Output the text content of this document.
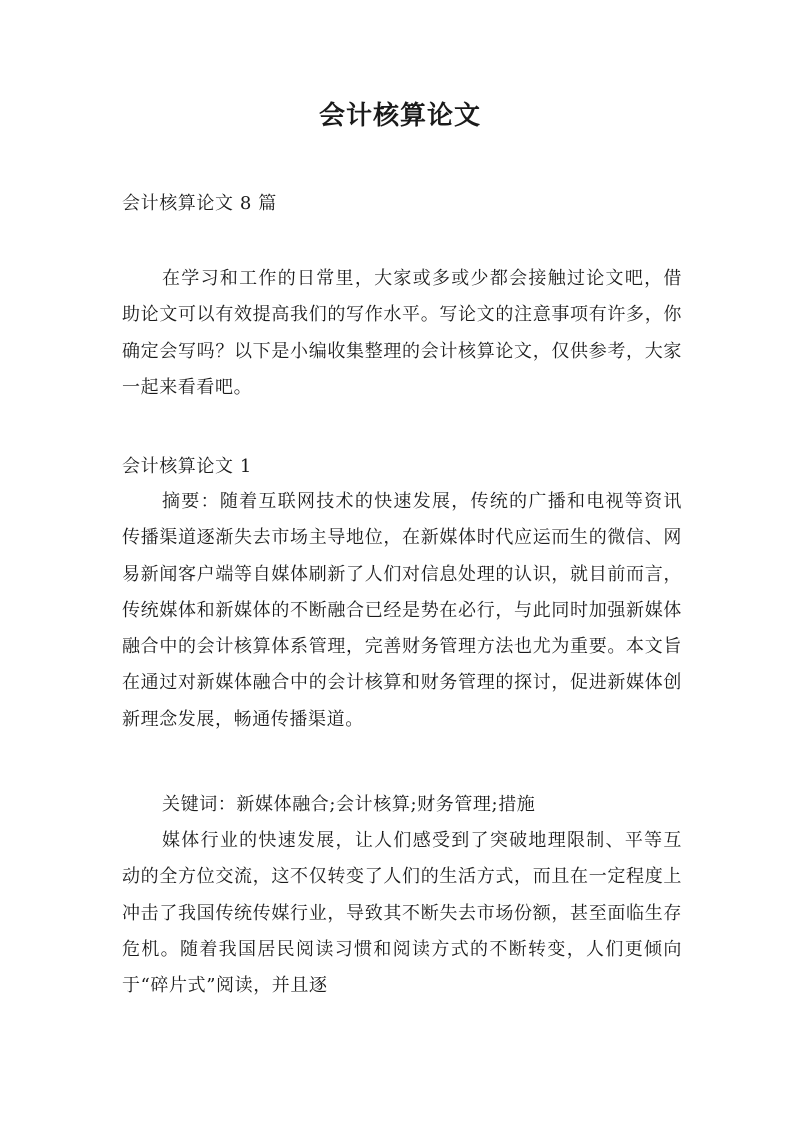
会计核算论文
会计核算论文 8 篇
在学习和工作的日常里，大家或多或少都会接触过论文吧，借助论文可以有效提高我们的写作水平。写论文的注意事项有许多，你确定会写吗？以下是小编收集整理的会计核算论文，仅供参考，大家一起来看看吧。
会计核算论文 1
摘要：随着互联网技术的快速发展，传统的广播和电视等资讯传播渠道逐渐失去市场主导地位，在新媒体时代应运而生的微信、网易新闻客户端等自媒体刷新了人们对信息处理的认识，就目前而言，传统媒体和新媒体的不断融合已经是势在必行，与此同时加强新媒体融合中的会计核算体系管理，完善财务管理方法也尤为重要。本文旨在通过对新媒体融合中的会计核算和财务管理的探讨，促进新媒体创新理念发展，畅通传播渠道。
关键词：新媒体融合;会计核算;财务管理;措施
媒体行业的快速发展，让人们感受到了突破地理限制、平等互动的全方位交流，这不仅转变了人们的生活方式，而且在一定程度上冲击了我国传统传媒行业，导致其不断失去市场份额，甚至面临生存危机。随着我国居民阅读习惯和阅读方式的不断转变，人们更倾向于“碎片式”阅读，并且逐
